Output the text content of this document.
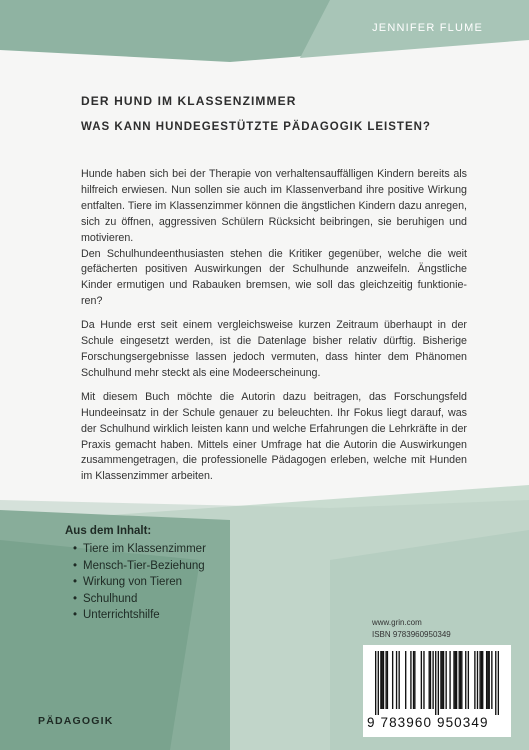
JENNIFER FLUME
DER HUND IM KLASSENZIMMER
WAS KANN HUNDEGESTÜTZTE PÄDAGOGIK LEISTEN?

Hunde haben sich bei der Therapie von verhaltensauffälligen Kindern bereits als hilfreich erwiesen. Nun sollen sie auch im Klassenverband ihre positive Wirkung entfalten. Tiere im Klassenzimmer können die ängstlichen Kindern dazu anregen, sich zu öffnen, aggressiven Schülern Rücksicht beibringen, sie beruhigen und motivieren.
Den Schulhundeenthusiasten stehen die Kritiker gegenüber, welche die weit gefächerten positiven Auswirkungen der Schulhunde anzweifeln. Ängstliche Kinder ermutigen und Rabauken bremsen, wie soll das gleichzeitig funktionie-ren?

Da Hunde erst seit einem vergleichsweise kurzen Zeitraum überhaupt in der Schule eingesetzt werden, ist die Datenlage bisher relativ dürftig. Bisherige Forschungsergebnisse lassen jedoch vermuten, dass hinter dem Phänomen Schulhund mehr steckt als eine Modeerscheinung.

Mit diesem Buch möchte die Autorin dazu beitragen, das Forschungsfeld Hundeeinsatz in der Schule genauer zu beleuchten. Ihr Fokus liegt darauf, was der Schulhund wirklich leisten kann und welche Erfahrungen die Lehrkräfte in der Praxis gemacht haben. Mittels einer Umfrage hat die Autorin die Auswirkungen zusammengetragen, die professionelle Pädagogen erleben, welche mit Hunden im Klassenzimmer arbeiten.

Aus dem Inhalt:
• Tiere im Klassenzimmer
• Mensch-Tier-Beziehung
• Wirkung von Tieren
• Schulhund
• Unterrichtshilfe
PÄDAGOGIK
www.grin.com
ISBN 9783960950349
9 783960 950349
